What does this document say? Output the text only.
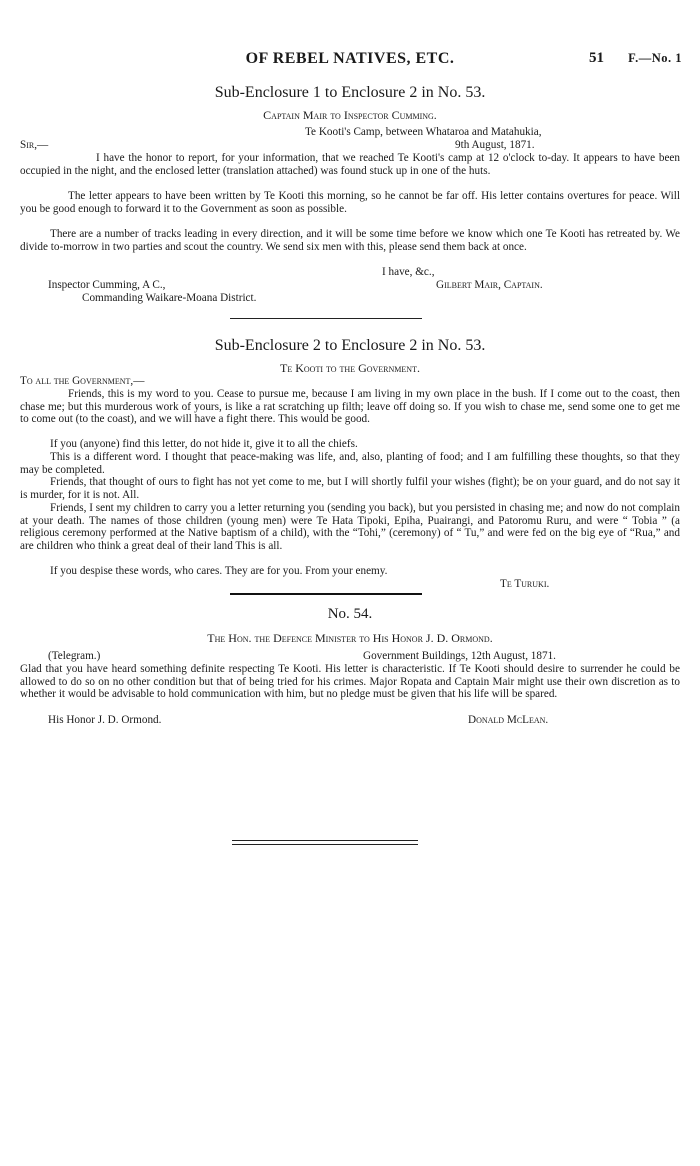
OF REBEL NATIVES, ETC.	51 F.—No. 1
Sub-Enclosure 1 to Enclosure 2 in No. 53.
Captain Mair to Inspector Cumming.
Te Kooti's Camp, between Whataroa and Matahukia,
Sir,—	9th August, 1871.

I have the honor to report, for your information, that we reached Te Kooti's camp at 12 o'clock to-day. It appears to have been occupied in the night, and the enclosed letter (translation attached) was found stuck up in one of the huts.

The letter appears to have been written by Te Kooti this morning, so he cannot be far off. His letter contains overtures for peace. Will you be good enough to forward it to the Government as soon as possible.

There are a number of tracks leading in every direction, and it will be some time before we know which one Te Kooti has retreated by. We divide to-morrow in two parties and scout the country. We send six men with this, please send them back at once.

I have, &c.,
Inspector Cumming, A C.,	Gilbert Mair, Captain.
Commanding Waikare-Moana District.
Sub-Enclosure 2 to Enclosure 2 in No. 53.
Te Kooti to the Government.
To all the Government,—

Friends, this is my word to you. Cease to pursue me, because I am living in my own place in the bush. If I come out to the coast, then chase me; but this murderous work of yours, is like a rat scratching up filth; leave off doing so. If you wish to chase me, send some one to get me to come out (to the coast), and we will have a fight there. This would be good.

If you (anyone) find this letter, do not hide it, give it to all the chiefs.

This is a different word. I thought that peace-making was life, and, also, planting of food; and I am fulfilling these thoughts, so that they may be completed.

Friends, that thought of ours to fight has not yet come to me, but I will shortly fulfil your wishes (fight); be on your guard, and do not say it is murder, for it is not. All.

Friends, I sent my children to carry you a letter returning you (sending you back), but you persisted in chasing me; and now do not complain at your death. The names of those children (young men) were Te Hata Tipoki, Epiha, Puairangi, and Patoromu Ruru, and were “ Tobia ” (a religious ceremony performed at the Native baptism of a child), with the “Tohi,” (ceremony) of “ Tu,” and were fed on the big eye of “Rua,” and are children who think a great deal of their land This is all.

If you despise these words, who cares. They are for you. From your enemy.

Te Turuki.
No. 54.
The Hon. the Defence Minister to His Honor J. D. Ormond.
(Telegram.)	Government Buildings, 12th August, 1871.

Glad that you have heard something definite respecting Te Kooti. His letter is characteristic. If Te Kooti should desire to surrender he could be allowed to do so on no other condition but that of being tried for his crimes. Major Ropata and Captain Mair might use their own discretion as to whether it would be advisable to hold communication with him, but no pledge must be given that his life will be spared.

His Honor J. D. Ormond.	Donald McLean.
